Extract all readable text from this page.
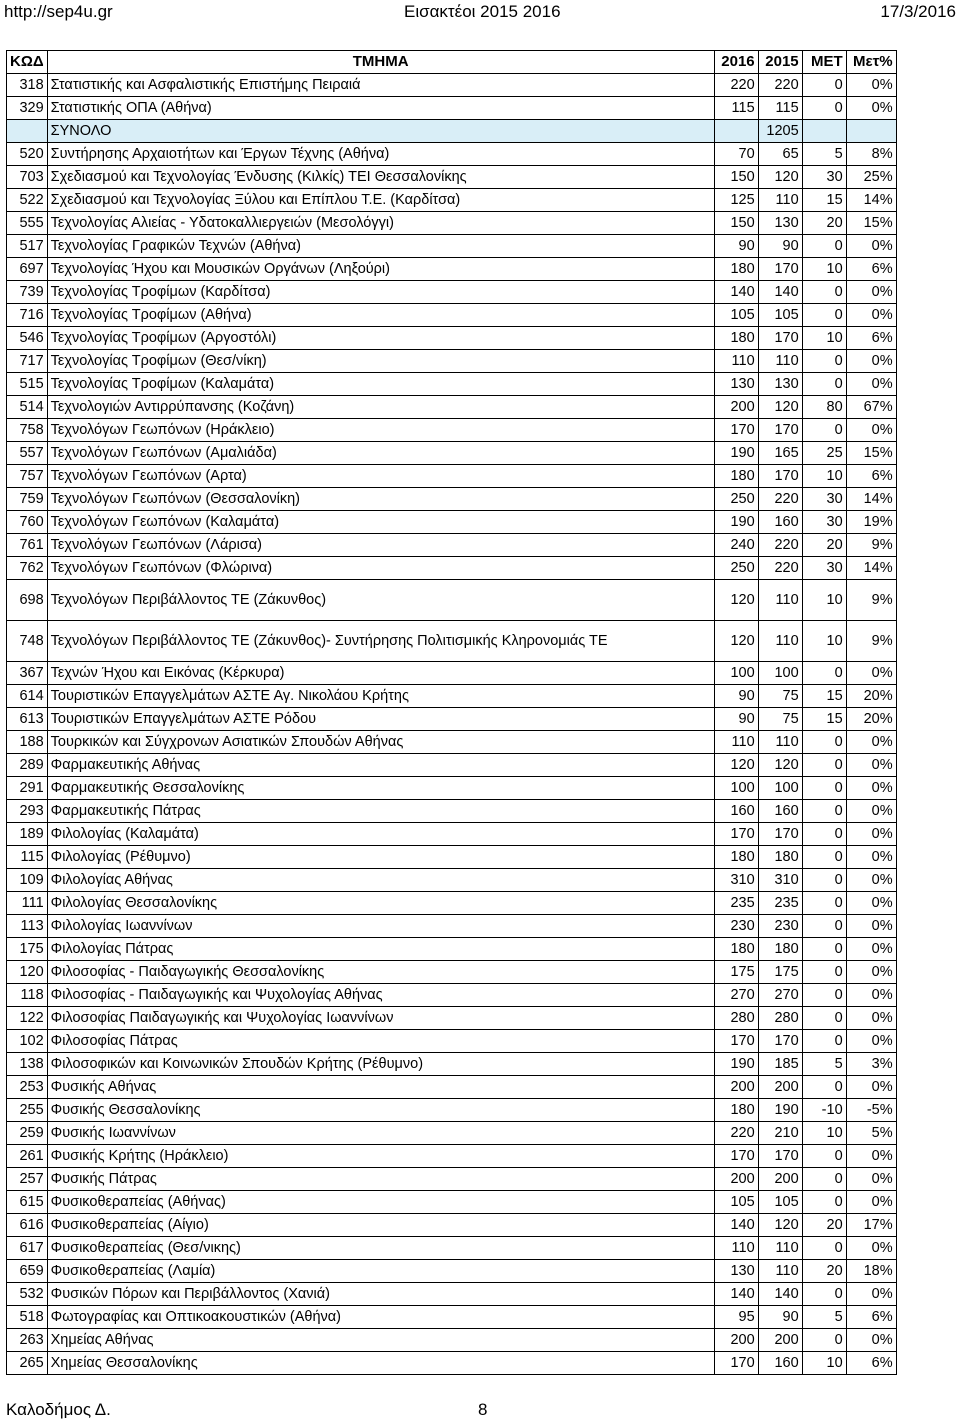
http://sep4u.gr	Εισακτέοι 2015 2016	17/3/2016
ΚΩΔ	ΤΜΗΜΑ	2016	2015	ΜΕΤ	Μετ%
318	Στατιστικής και Ασφαλιστικής Επιστήμης Πειραιά	220	220	0	0%
329	Στατιστικής ΟΠΑ (Αθήνα)	115	115	0	0%
	ΣΥΝΟΛΟ		1205		
520	Συντήρησης Αρχαιοτήτων και Έργων Τέχνης (Αθήνα)	70	65	5	8%
703	Σχεδιασμού και Τεχνολογίας Ένδυσης (Κιλκίς) ΤΕΙ Θεσσαλονίκης	150	120	30	25%
522	Σχεδιασμού και Τεχνολογίας Ξύλου και Επίπλου Τ.Ε. (Καρδίτσα)	125	110	15	14%
555	Τεχνολογίας Αλιείας - Υδατοκαλλιεργειών (Μεσολόγγι)	150	130	20	15%
517	Τεχνολογίας Γραφικών Τεχνών (Αθήνα)	90	90	0	0%
697	Τεχνολογίας Ήχου και Μουσικών Οργάνων (Ληξούρι)	180	170	10	6%
739	Τεχνολογίας Τροφίμων (Καρδίτσα)	140	140	0	0%
716	Τεχνολογίας Τροφίμων (Αθήνα)	105	105	0	0%
546	Τεχνολογίας Τροφίμων (Αργοστόλι)	180	170	10	6%
717	Τεχνολογίας Τροφίμων (Θεσ/νίκη)	110	110	0	0%
515	Τεχνολογίας Τροφίμων (Καλαμάτα)	130	130	0	0%
514	Τεχνολογιών Αντιρρύπανσης (Κοζάνη)	200	120	80	67%
758	Τεχνολόγων Γεωπόνων (Ηράκλειο)	170	170	0	0%
557	Τεχνολόγων Γεωπόνων (Αμαλιάδα)	190	165	25	15%
757	Τεχνολόγων Γεωπόνων (Αρτα)	180	170	10	6%
759	Τεχνολόγων Γεωπόνων (Θεσσαλονίκη)	250	220	30	14%
760	Τεχνολόγων Γεωπόνων (Καλαμάτα)	190	160	30	19%
761	Τεχνολόγων Γεωπόνων (Λάρισα)	240	220	20	9%
762	Τεχνολόγων Γεωπόνων (Φλώρινα)	250	220	30	14%
698	Τεχνολόγων Περιβάλλοντος ΤΕ (Ζάκυνθος)	120	110	10	9%
748	Τεχνολόγων Περιβάλλοντος ΤΕ (Ζάκυνθος)- Συντήρησης Πολιτισμικής Κληρονομιάς ΤΕ	120	110	10	9%
367	Τεχνών Ήχου και Εικόνας (Κέρκυρα)	100	100	0	0%
614	Τουριστικών Επαγγελμάτων ΑΣΤΕ Αγ. Νικολάου Κρήτης	90	75	15	20%
613	Τουριστικών Επαγγελμάτων ΑΣΤΕ Ρόδου	90	75	15	20%
188	Τουρκικών και Σύγχρονων Ασιατικών Σπουδών Αθήνας	110	110	0	0%
289	Φαρμακευτικής Αθήνας	120	120	0	0%
291	Φαρμακευτικής Θεσσαλονίκης	100	100	0	0%
293	Φαρμακευτικής Πάτρας	160	160	0	0%
189	Φιλολογίας (Καλαμάτα)	170	170	0	0%
115	Φιλολογίας (Ρέθυμνο)	180	180	0	0%
109	Φιλολογίας Αθήνας	310	310	0	0%
111	Φιλολογίας Θεσσαλονίκης	235	235	0	0%
113	Φιλολογίας Ιωαννίνων	230	230	0	0%
175	Φιλολογίας Πάτρας	180	180	0	0%
120	Φιλοσοφίας - Παιδαγωγικής Θεσσαλονίκης	175	175	0	0%
118	Φιλοσοφίας - Παιδαγωγικής και Ψυχολογίας Αθήνας	270	270	0	0%
122	Φιλοσοφίας Παιδαγωγικής και Ψυχολογίας Ιωαννίνων	280	280	0	0%
102	Φιλοσοφίας Πάτρας	170	170	0	0%
138	Φιλοσοφικών και Κοινωνικών Σπουδών Κρήτης (Ρέθυμνο)	190	185	5	3%
253	Φυσικής Αθήνας	200	200	0	0%
255	Φυσικής Θεσσαλονίκης	180	190	-10	-5%
259	Φυσικής Ιωαννίνων	220	210	10	5%
261	Φυσικής Κρήτης (Ηράκλειο)	170	170	0	0%
257	Φυσικής Πάτρας	200	200	0	0%
615	Φυσικοθεραπείας (Αθήνας)	105	105	0	0%
616	Φυσικοθεραπείας (Αίγιο)	140	120	20	17%
617	Φυσικοθεραπείας (Θεσ/νικης)	110	110	0	0%
659	Φυσικοθεραπείας (Λαμία)	130	110	20	18%
532	Φυσικών Πόρων και Περιβάλλοντος (Χανιά)	140	140	0	0%
518	Φωτογραφίας και Οπτικοακουστικών (Αθήνα)	95	90	5	6%
263	Χημείας Αθήνας	200	200	0	0%
265	Χημείας Θεσσαλονίκης	170	160	10	6%
Καλοδήμος Δ.	8
